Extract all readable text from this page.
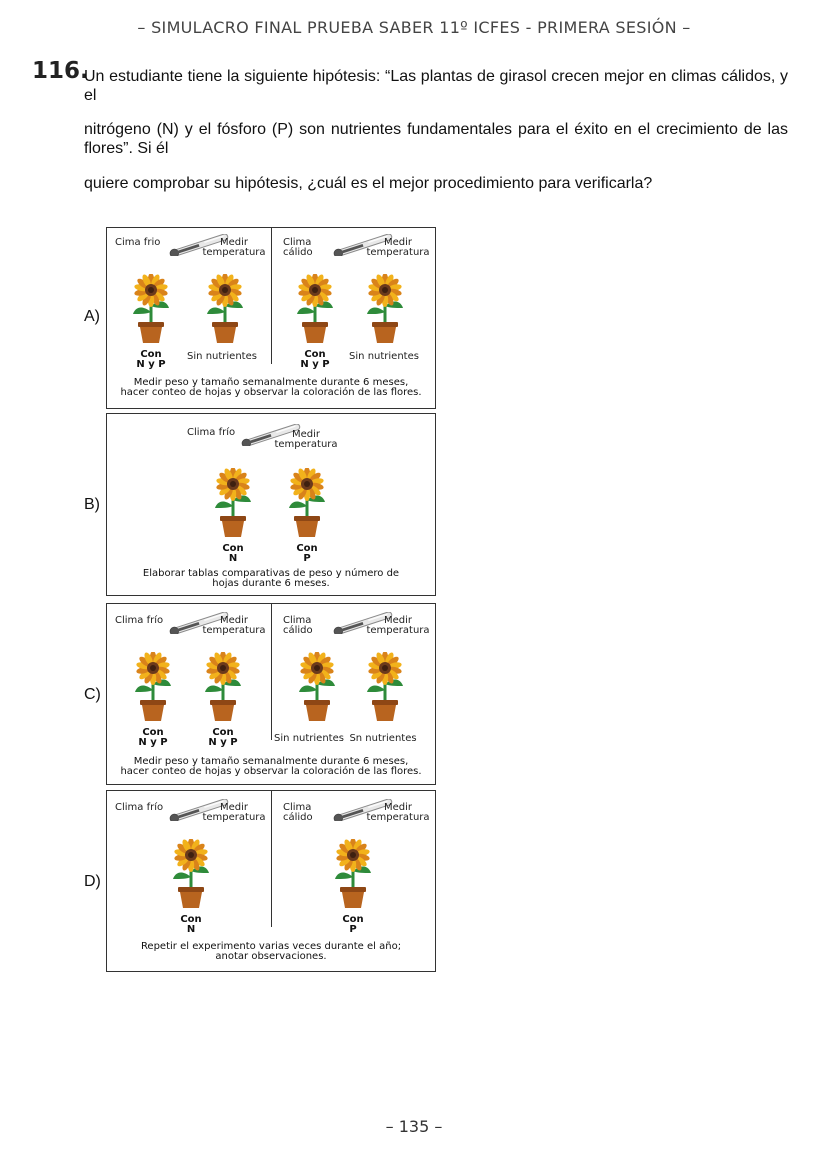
– SIMULACRO FINAL PRUEBA SABER 11º ICFES - PRIMERA SESIÓN –
116.
Un estudiante tiene la siguiente hipótesis: “Las plantas de girasol crecen mejor en climas cálidos, y el
nitrógeno (N) y el fósforo (P) son nutrientes fundamentales para el éxito en el crecimiento de las flores”. Si él
quiere comprobar su hipótesis, ¿cuál es el mejor procedimiento para verificarla?
A)
Cima frio	Medir
temperatura
Clima
cálido
Medir
temperatura
Con
N y P
Sin nutrientes	Con
N y P
Sin nutrientes
Medir peso y tamaño semanalmente durante 6 meses,
hacer conteo de hojas y observar la coloración de las flores.
B)
Clima frío	Medir
temperatura
Con
N
Con
P
Elaborar tablas comparativas de peso y número de
hojas durante 6 meses.
C)
Clima frío	Medir
temperatura
Clima
cálido
Medir
temperatura
Con
N y P
Con
N y P	Sin nutrientes Sn nutrientes
Medir peso y tamaño semanalmente durante 6 meses,
hacer conteo de hojas y observar la coloración de las flores.
D)
Clima frío	Medir
temperatura
Clima
cálido
Medir
temperatura
Con
N
Con
P
Repetir el experimento varias veces durante el año;
anotar observaciones.
– 135 –
